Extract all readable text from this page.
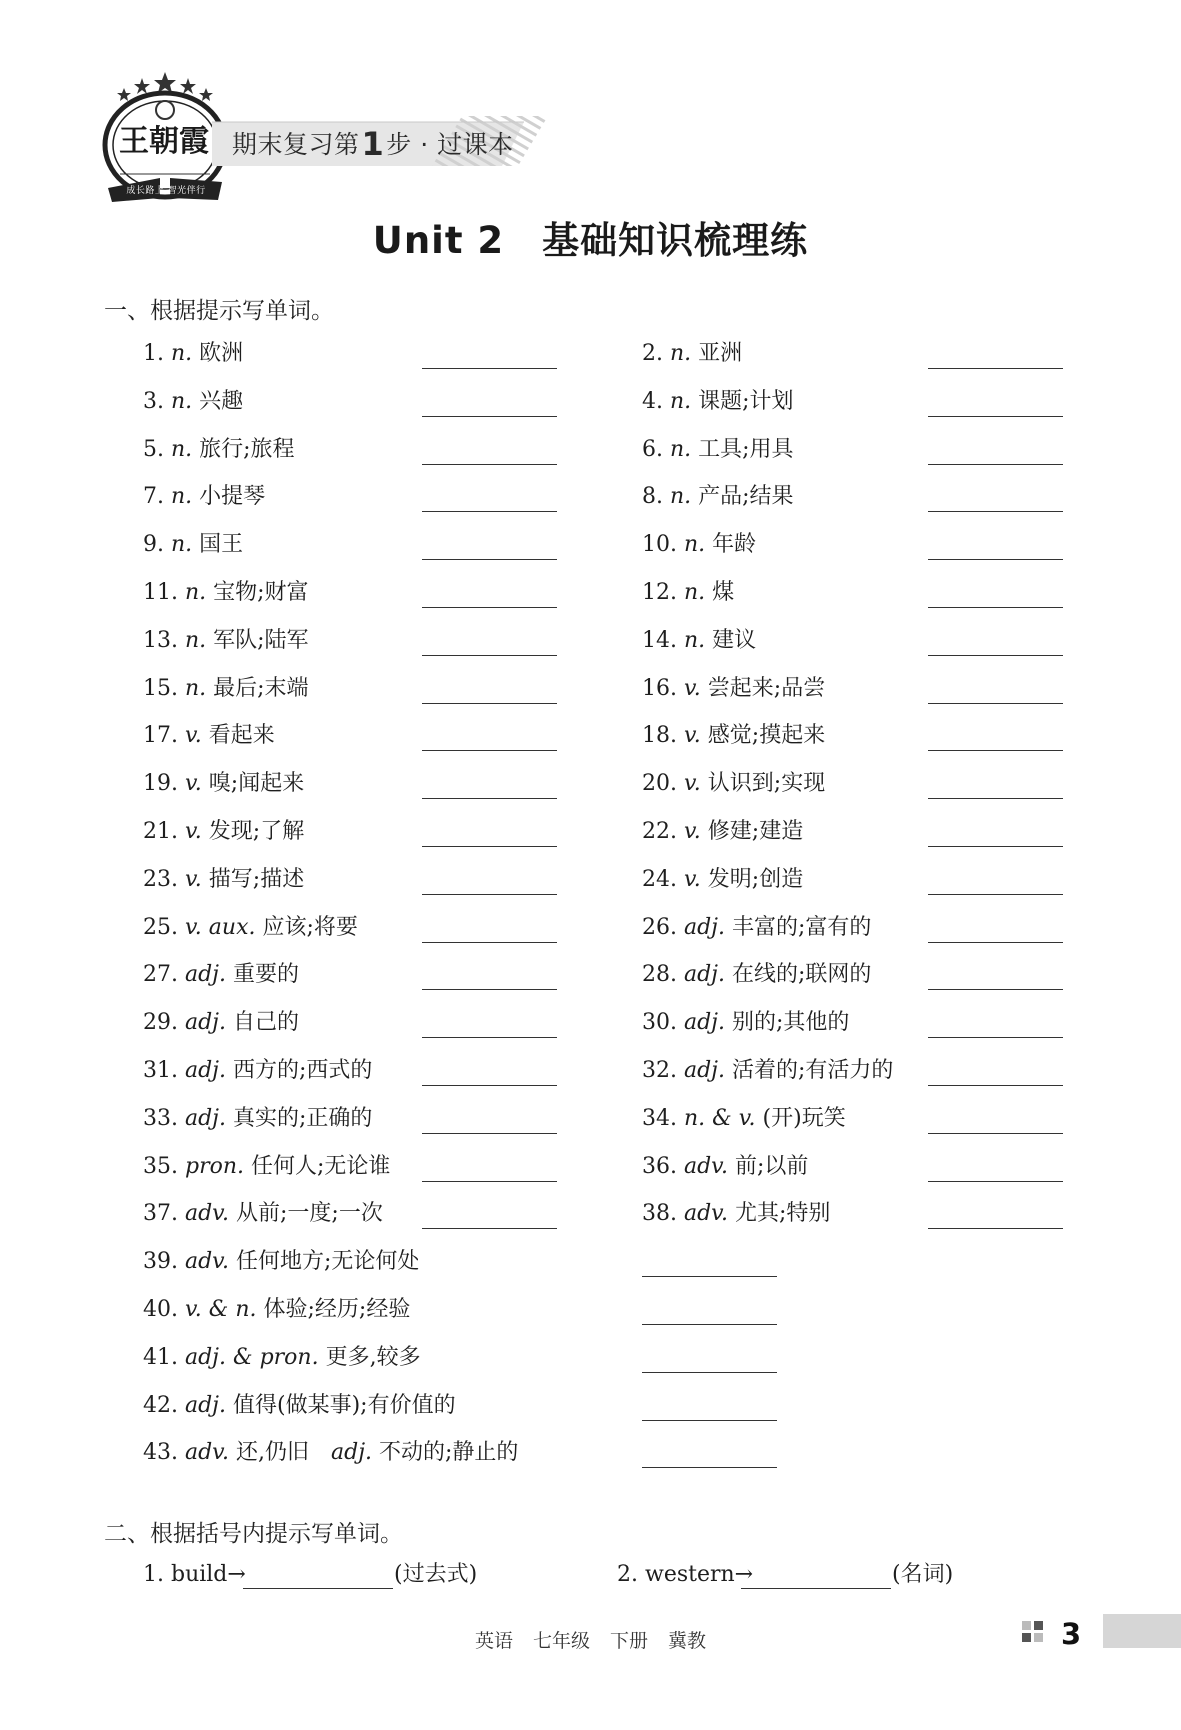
王朝霞
成长路上 智光伴行
期末复习第1步 · 过课本
Unit 2　基础知识梳理练
一、根据提示写单词。
1. n. 欧洲	2. n. 亚洲
3. n. 兴趣	4. n. 课题;计划
5. n. 旅行;旅程	6. n. 工具;用具
7. n. 小提琴	8. n. 产品;结果
9. n. 国王	10. n. 年龄
11. n. 宝物;财富	12. n. 煤
13. n. 军队;陆军	14. n. 建议
15. n. 最后;末端	16. v. 尝起来;品尝
17. v. 看起来	18. v. 感觉;摸起来
19. v. 嗅;闻起来	20. v. 认识到;实现
21. v. 发现;了解	22. v. 修建;建造
23. v. 描写;描述	24. v. 发明;创造
25. v. aux. 应该;将要	26. adj. 丰富的;富有的
27. adj. 重要的	28. adj. 在线的;联网的
29. adj. 自己的	30. adj. 别的;其他的
31. adj. 西方的;西式的	32. adj. 活着的;有活力的
33. adj. 真实的;正确的	34. n. & v. (开)玩笑
35. pron. 任何人;无论谁	36. adv. 前;以前
37. adv. 从前;一度;一次	38. adv. 尤其;特别
39. adv. 任何地方;无论何处
40. v. & n. 体验;经历;经验
41. adj. & pron. 更多,较多
42. adj. 值得(做某事);有价值的
43. adv. 还,仍旧　adj. 不动的;静止的
二、根据括号内提示写单词。
1. build→	(过去式)	2. western→	(名词)
英语 七年级 下册 冀教	3
